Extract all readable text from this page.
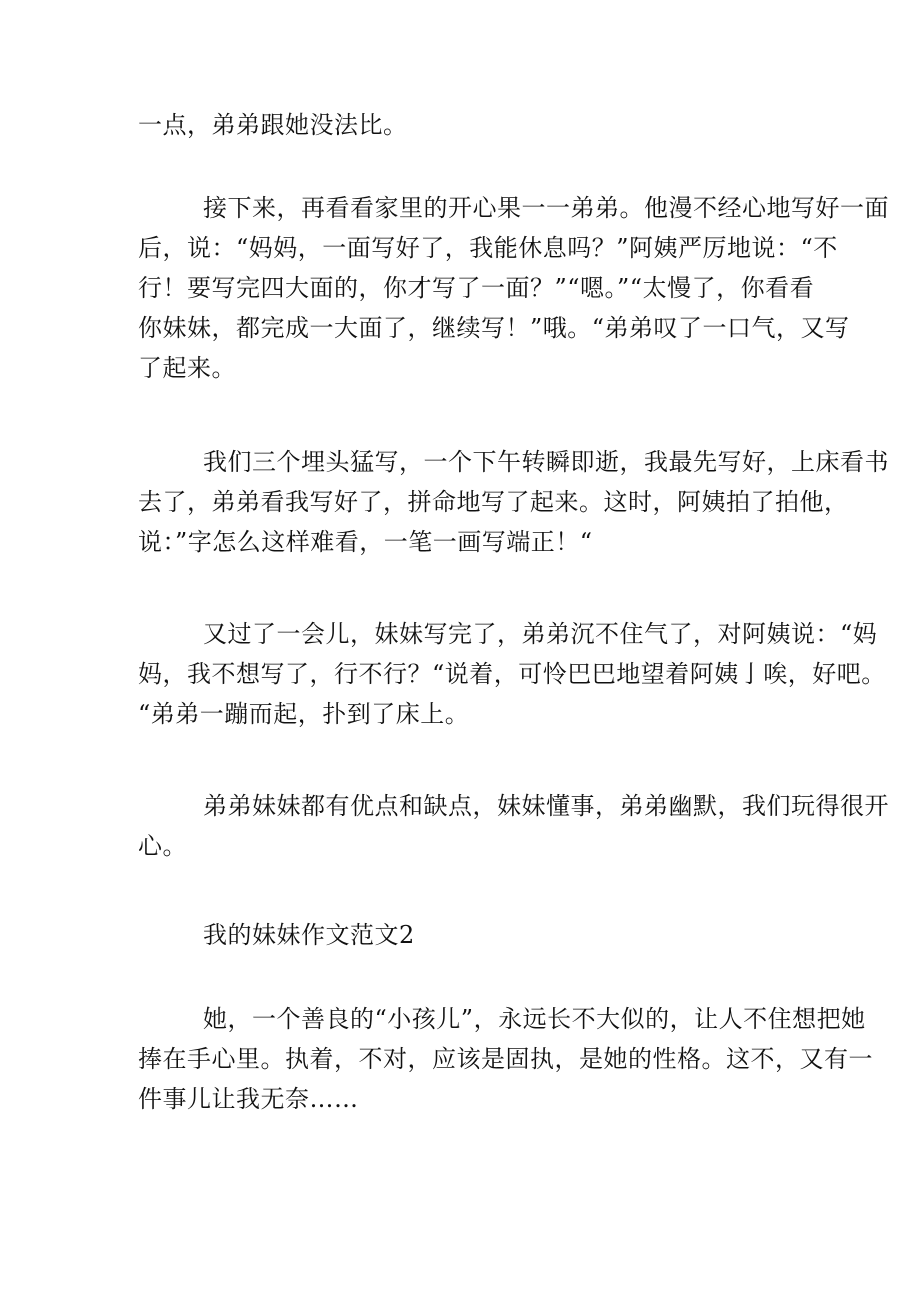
一点，弟弟跟她没法比。
接下来，再看看家里的开心果一一弟弟。他漫不经心地写好一面
后，说：“妈妈，一面写好了，我能休息吗？”阿姨严厉地说：“不
行！要写完四大面的，你才写了一面？”“嗯。”“太慢了，你看看
你妹妹，都完成一大面了，继续写！”哦。“弟弟叹了一口气，又写
了起来。
我们三个埋头猛写，一个下午转瞬即逝，我最先写好，上床看书
去了，弟弟看我写好了，拼命地写了起来。这时，阿姨拍了拍他，
说：”字怎么这样难看，一笔一画写端正！“
又过了一会儿，妹妹写完了，弟弟沉不住气了，对阿姨说：“妈
妈，我不想写了，行不行？“说着，可怜巴巴地望着阿姨亅唉，好吧。
“弟弟一蹦而起，扑到了床上。
弟弟妹妹都有优点和缺点，妹妹懂事，弟弟幽默，我们玩得很开
心。
我的妹妹作文范文2
她，一个善良的“小孩儿”，永远长不大似的，让人不住想把她
捧在手心里。执着，不对，应该是固执，是她的性格。这不，又有一
件事儿让我无奈……
